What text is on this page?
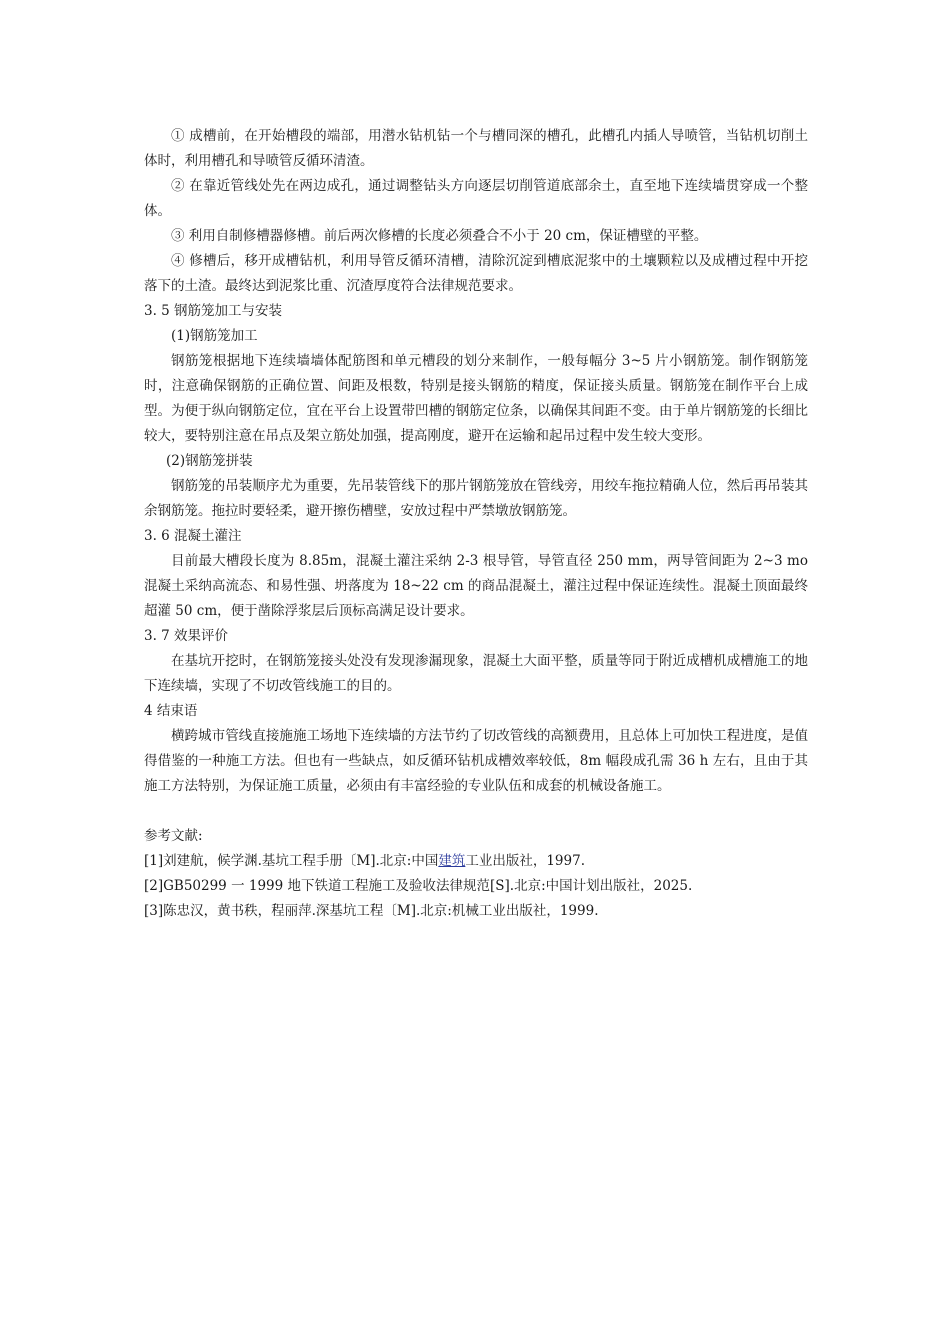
① 成槽前，在开始槽段的端部，用潜水钻机钻一个与槽同深的槽孔，此槽孔内插人导喷管，当钻机切削土体时，利用槽孔和导喷管反循环清渣。

② 在靠近管线处先在两边成孔，通过调整钻头方向逐层切削管道底部余土，直至地下连续墙贯穿成一个整体。

③ 利用自制修槽器修槽。前后两次修槽的长度必须叠合不小于 20 cm，保证槽壁的平整。

④ 修槽后，移开成槽钻机，利用导管反循环清槽，清除沉淀到槽底泥浆中的土壤颗粒以及成槽过程中开挖落下的土渣。最终达到泥浆比重、沉渣厚度符合法律规范要求。

3. 5 钢筋笼加工与安装

(1)钢筋笼加工

钢筋笼根据地下连续墙墙体配筋图和单元槽段的划分来制作，一般每幅分 3~5 片小钢筋笼。制作钢筋笼时，注意确保钢筋的正确位置、间距及根数，特别是接头钢筋的精度，保证接头质量。钢筋笼在制作平台上成型。为便于纵向钢筋定位，宜在平台上设置带凹槽的钢筋定位条，以确保其间距不变。由于单片钢筋笼的长细比较大，要特别注意在吊点及架立筋处加强，提高刚度，避开在运输和起吊过程中发生较大变形。

(2)钢筋笼拼装

钢筋笼的吊装顺序尤为重要，先吊装管线下的那片钢筋笼放在管线旁，用绞车拖拉精确人位，然后再吊装其余钢筋笼。拖拉时要轻柔，避开擦伤槽壁，安放过程中严禁墩放钢筋笼。

3. 6 混凝土灌注

目前最大槽段长度为 8.85m，混凝土灌注采纳 2-3 根导管，导管直径 250 mm，两导管间距为 2~3 mo 混凝土采纳高流态、和易性强、坍落度为 18~22 cm 的商品混凝土，灌注过程中保证连续性。混凝土顶面最终超灌 50 cm，便于凿除浮浆层后顶标高满足设计要求。

3. 7 效果评价

在基坑开挖时，在钢筋笼接头处没有发现渗漏现象，混凝土大面平整，质量等同于附近成槽机成槽施工的地下连续墙，实现了不切改管线施工的目的。

4 结束语

横跨城市管线直接施施工场地下连续墙的方法节约了切改管线的高额费用，且总体上可加快工程进度，是值得借鉴的一种施工方法。但也有一些缺点，如反循环钻机成槽效率较低，8m 幅段成孔需 36 h 左右，且由于其施工方法特别，为保证施工质量，必须由有丰富经验的专业队伍和成套的机械设备施工。

参考文献:

[1]刘建航，候学渊.基坑工程手册〔M].北京:中国建筑工业出版社，1997.

[2]GB50299 一 1999 地下铁道工程施工及验收法律规范[S].北京:中国计划出版社，2025.

[3]陈忠汉，黄书秩，程丽萍.深基坑工程〔M].北京:机械工业出版社，1999.
